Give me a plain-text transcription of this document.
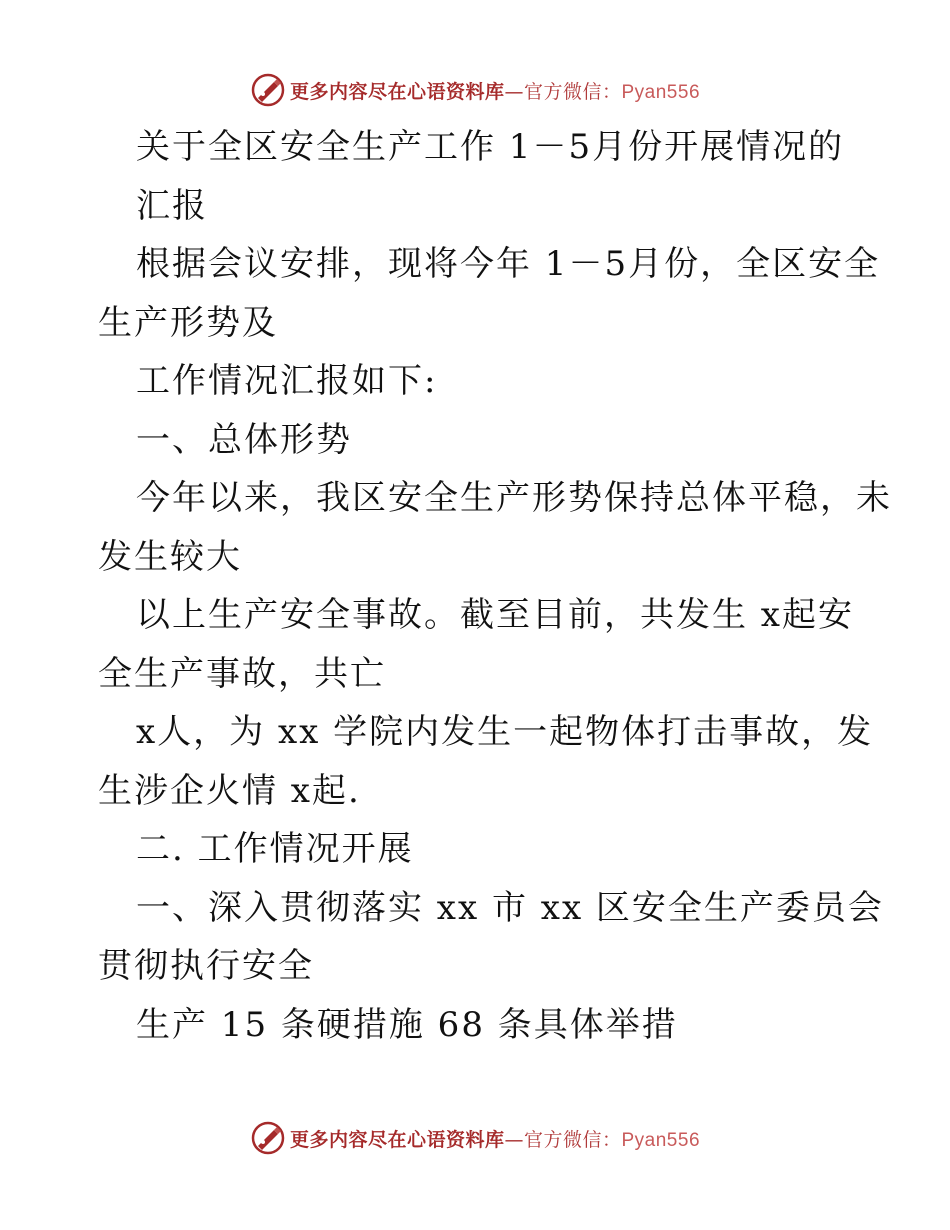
更多内容尽在心语资料库—官方微信：Pyan556
关于全区安全生产工作 1－5月份开展情况的
汇报
根据会议安排，现将今年 1－5月份，全区安全
生产形势及
工作情况汇报如下:
一、总体形势
今年以来，我区安全生产形势保持总体平稳，未
发生较大
以上生产安全事故。截至目前，共发生 x起安
全生产事故，共亡
x人，为 xx 学院内发生一起物体打击事故，发
生涉企火情 x起.
二. 工作情况开展
一、深入贯彻落实 xx 市 xx 区安全生产委员会
贯彻执行安全
生产 15 条硬措施 68 条具体举措
更多内容尽在心语资料库—官方微信：Pyan556
